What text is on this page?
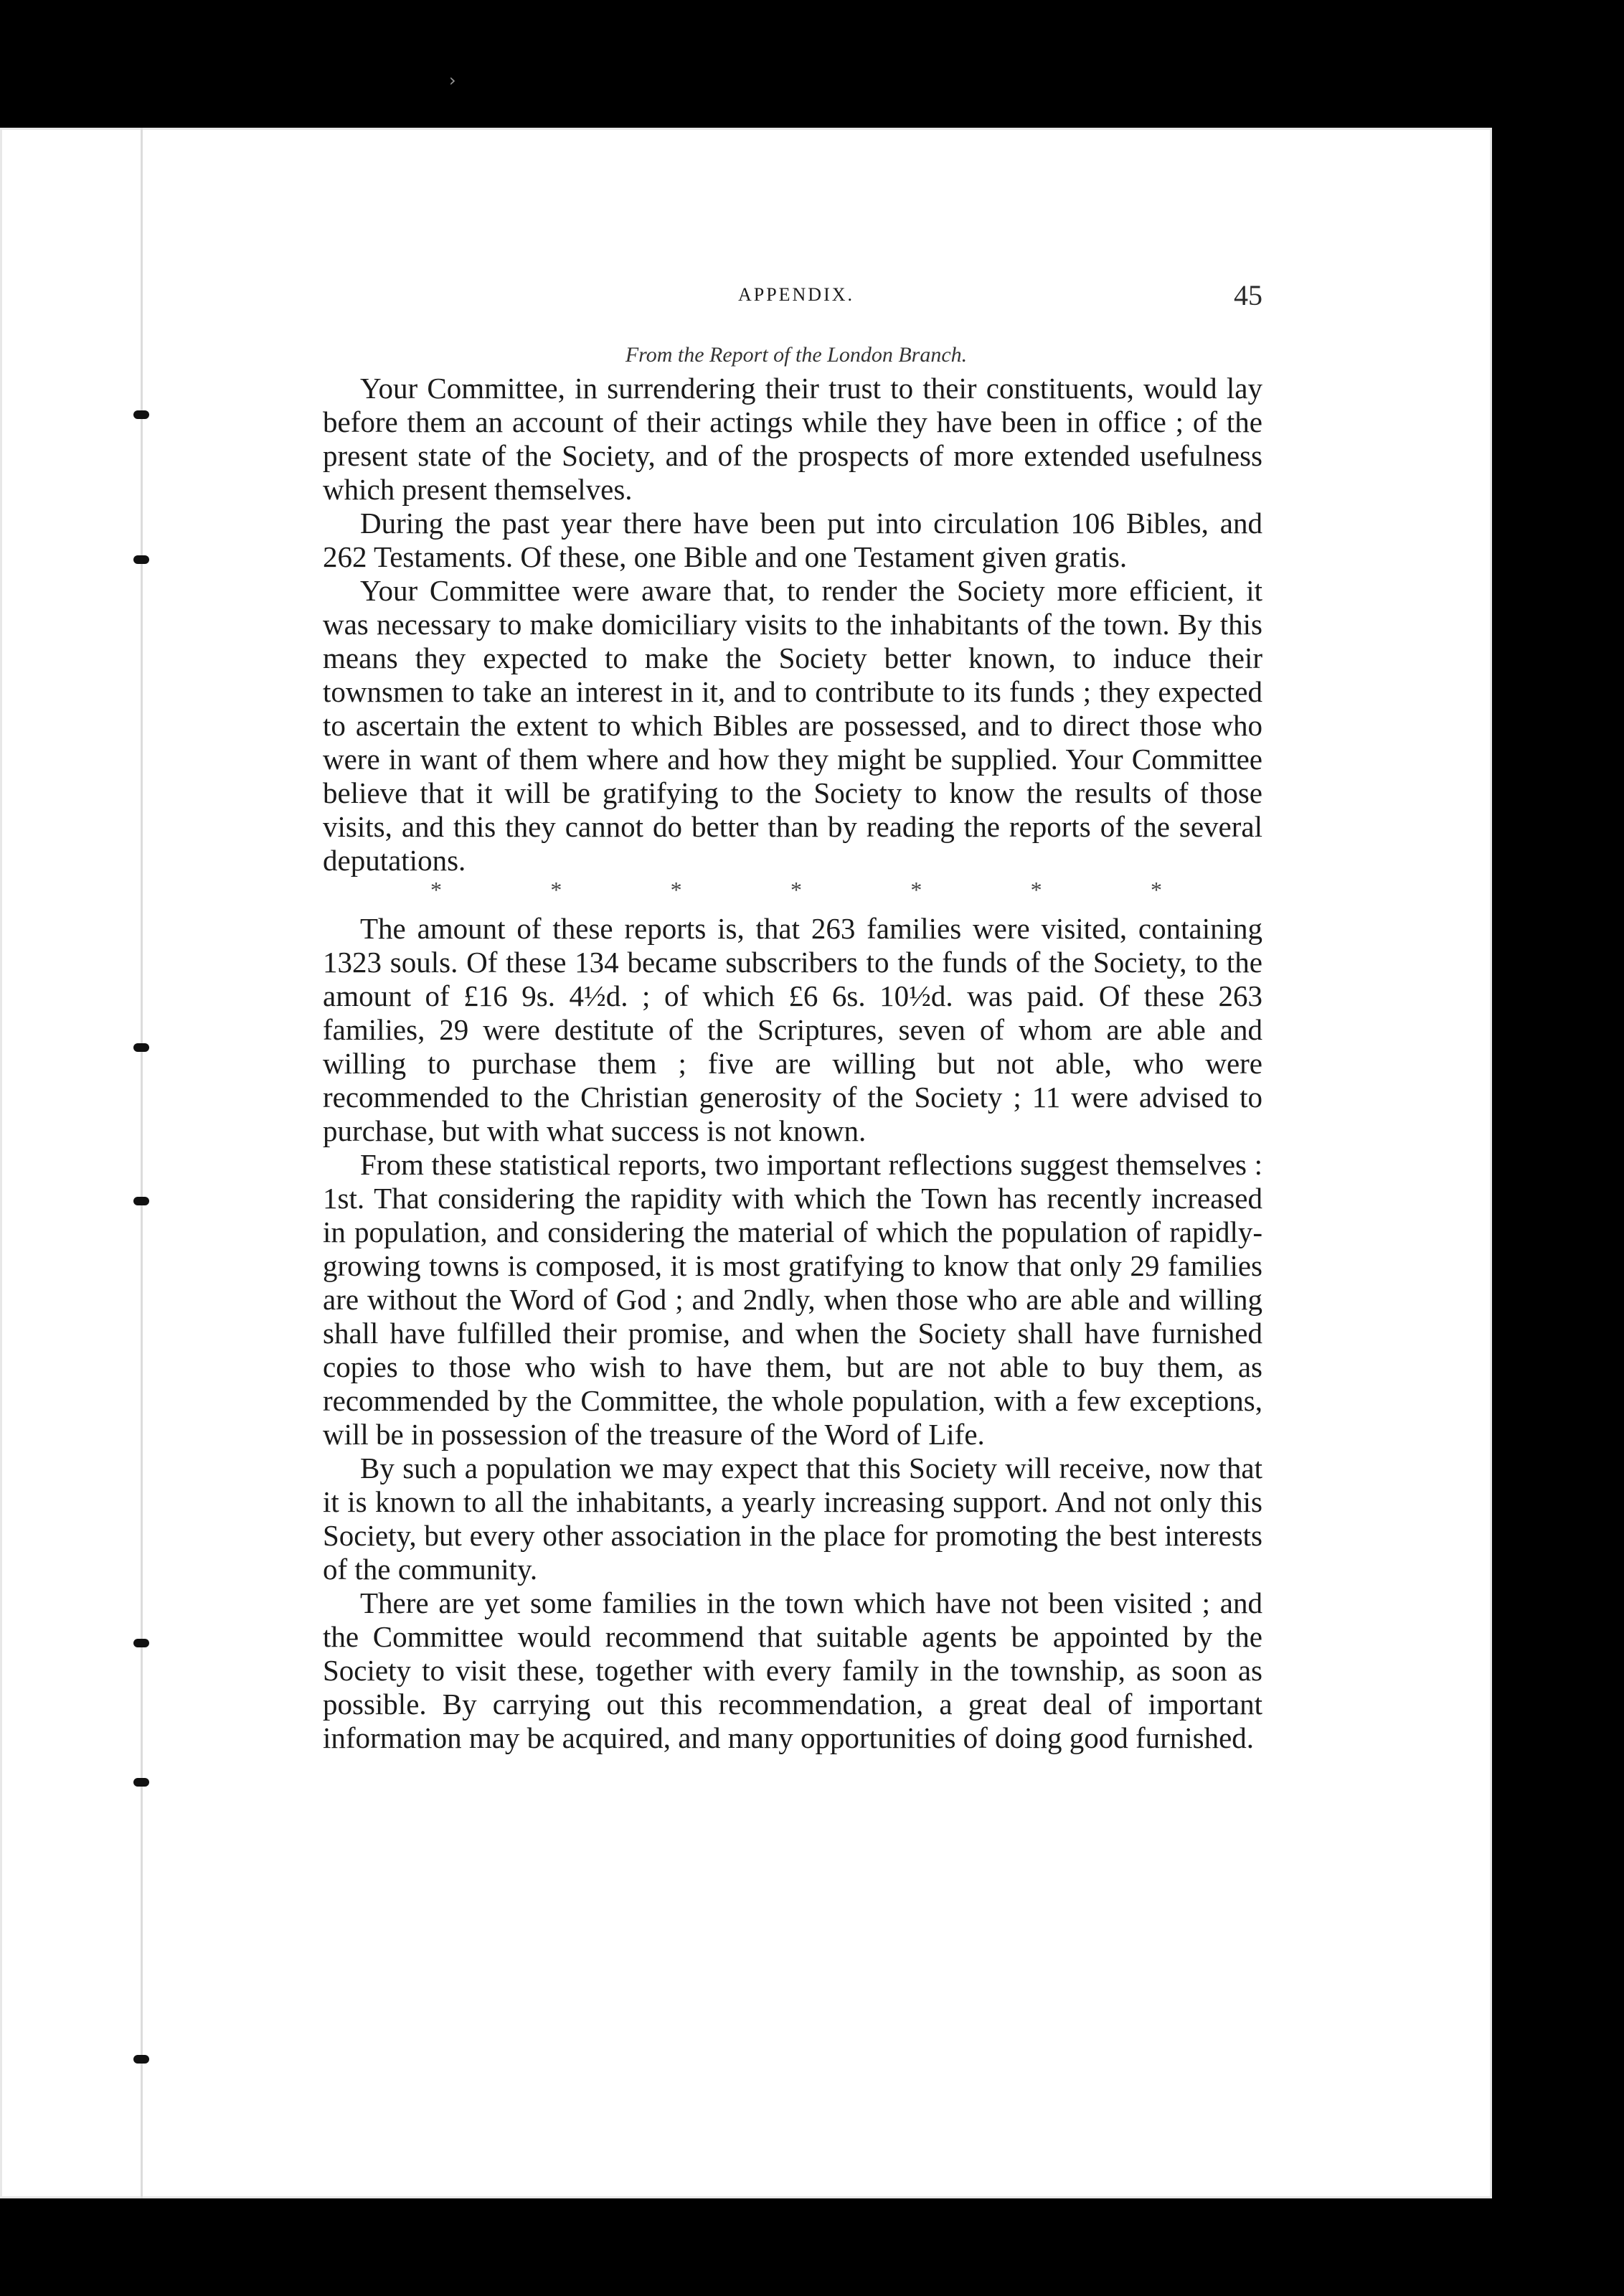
APPENDIX.	45
From the Report of the London Branch.

Your Committee, in surrendering their trust to their constituents, would lay before them an account of their actings while they have been in office ; of the present state of the Society, and of the prospects of more extended usefulness which present themselves.

During the past year there have been put into circulation 106 Bibles, and 262 Testaments. Of these, one Bible and one Testament given gratis.

Your Committee were aware that, to render the Society more efficient, it was necessary to make domiciliary visits to the inhabitants of the town. By this means they expected to make the Society better known, to induce their townsmen to take an interest in it, and to contribute to its funds ; they expected to ascertain the extent to which Bibles are possessed, and to direct those who were in want of them where and how they might be supplied. Your Committee believe that it will be gratifying to the Society to know the results of those visits, and this they cannot do better than by reading the reports of the several deputations.

*	*	*	*	*	*	*

The amount of these reports is, that 263 families were visited, containing 1323 souls. Of these 134 became subscribers to the funds of the Society, to the amount of £16 9s. 4½d. ; of which £6 6s. 10½d. was paid. Of these 263 families, 29 were destitute of the Scriptures, seven of whom are able and willing to purchase them ; five are willing but not able, who were recommended to the Christian generosity of the Society ; 11 were advised to purchase, but with what success is not known.

From these statistical reports, two important reflections suggest themselves : 1st. That considering the rapidity with which the Town has recently increased in population, and considering the material of which the population of rapidly-growing towns is composed, it is most gratifying to know that only 29 families are without the Word of God ; and 2ndly, when those who are able and willing shall have fulfilled their promise, and when the Society shall have furnished copies to those who wish to have them, but are not able to buy them, as recommended by the Committee, the whole population, with a few exceptions, will be in possession of the treasure of the Word of Life.

By such a population we may expect that this Society will receive, now that it is known to all the inhabitants, a yearly increasing support. And not only this Society, but every other association in the place for promoting the best interests of the community.

There are yet some families in the town which have not been visited ; and the Committee would recommend that suitable agents be appointed by the Society to visit these, together with every family in the township, as soon as possible. By carrying out this recommendation, a great deal of important information may be acquired, and many opportunities of doing good furnished.

›
